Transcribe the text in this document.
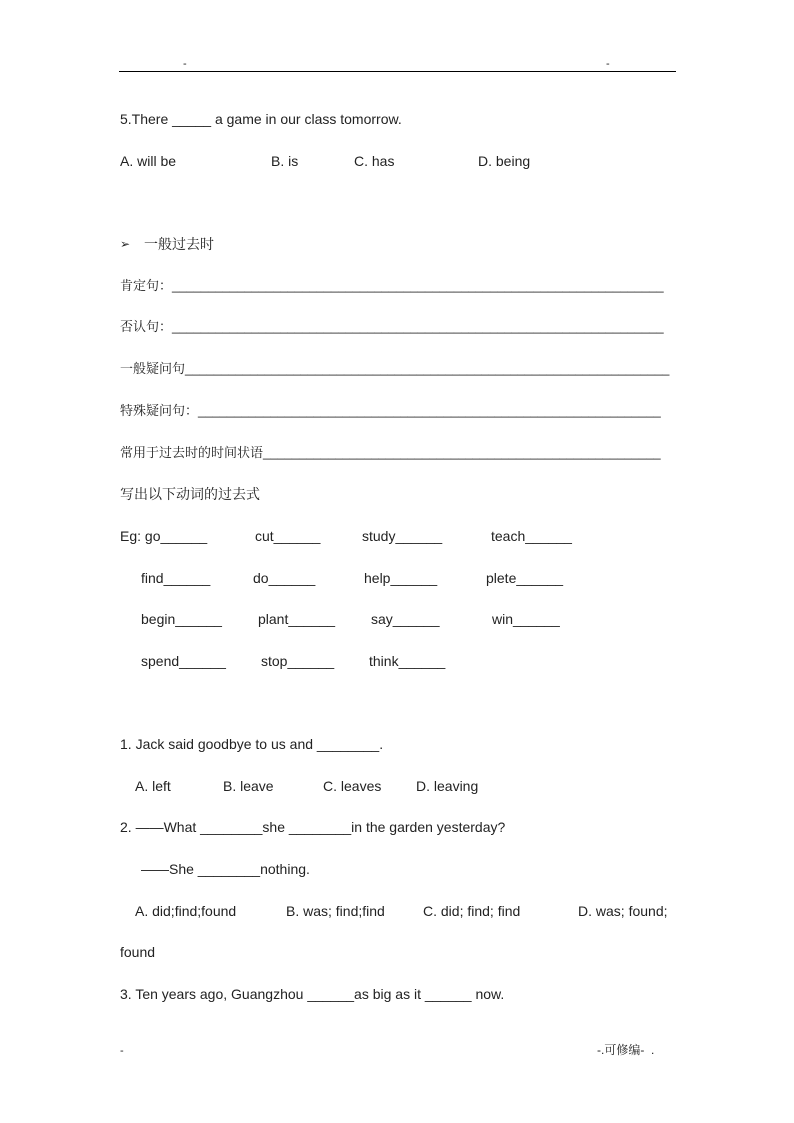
-	-
5.There _____ a game in our class tomorrow.
A. will be	B. is	C. has	D. being
➢ 一般过去时
肯定句：____________________________________________________________________
否认句：____________________________________________________________________
一般疑问句___________________________________________________________________
特殊疑问句：________________________________________________________________
常用于过去时的时间状语_______________________________________________________
写出以下动词的过去式
Eg: go______	cut______	study______	teach______
find______	do______	help______	plete______
begin______	plant______	say______	win______
spend______	stop______ think______
1. Jack said goodbye to us and ________.
A. left	B. leave	C. leaves D. leaving
2. ——What ________she ________in the garden yesterday?
——She ________nothing.
A. did;find;found	B. was; find;find	C. did; find; find	D. was; found;
found
3. Ten years ago, Guangzhou ______as big as it ______ now.
-	-.可修编-  .
